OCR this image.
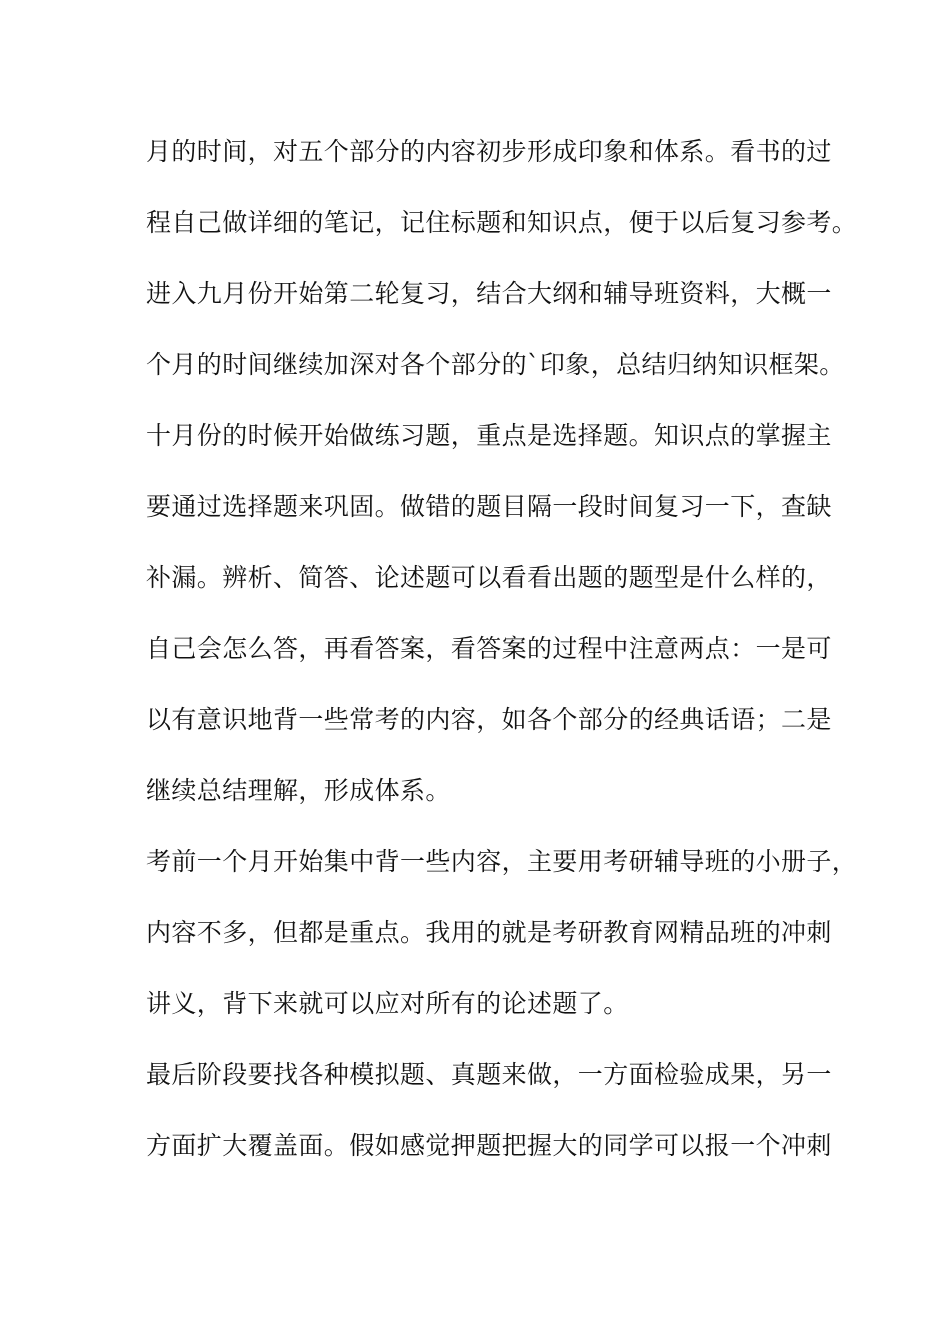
月的时间，对五个部分的内容初步形成印象和体系。看书的过
程自己做详细的笔记，记住标题和知识点，便于以后复习参考。
进入九月份开始第二轮复习，结合大纲和辅导班资料，大概一
个月的时间继续加深对各个部分的`印象，总结归纳知识框架。
十月份的时候开始做练习题，重点是选择题。知识点的掌握主
要通过选择题来巩固。做错的题目隔一段时间复习一下，查缺
补漏。辨析、简答、论述题可以看看出题的题型是什么样的，
自己会怎么答，再看答案，看答案的过程中注意两点：一是可
以有意识地背一些常考的内容，如各个部分的经典话语；二是
继续总结理解，形成体系。
考前一个月开始集中背一些内容，主要用考研辅导班的小册子，
内容不多，但都是重点。我用的就是考研教育网精品班的冲刺
讲义，背下来就可以应对所有的论述题了。
最后阶段要找各种模拟题、真题来做，一方面检验成果，另一
方面扩大覆盖面。假如感觉押题把握大的同学可以报一个冲刺
